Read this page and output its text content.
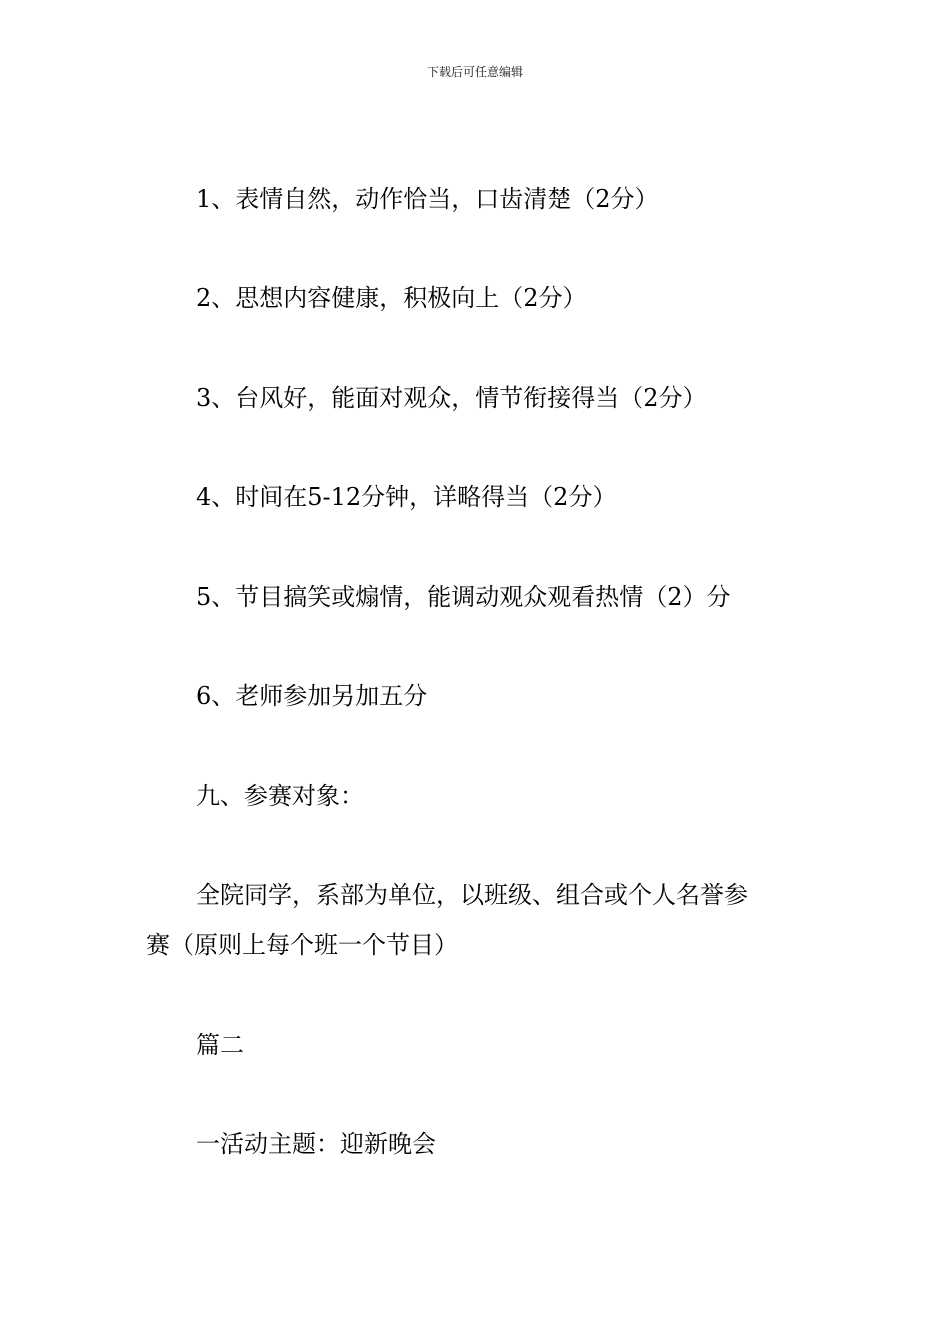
下载后可任意编辑
1、表情自然，动作恰当，口齿清楚（2分）
2、思想内容健康，积极向上（2分）
3、台风好，能面对观众，情节衔接得当（2分）
4、时间在5-12分钟，详略得当（2分）
5、节目搞笑或煽情，能调动观众观看热情（2）分
6、老师参加另加五分
九、参赛对象：
全院同学，系部为单位，以班级、组合或个人名誉参
赛（原则上每个班一个节目）
篇二
一活动主题：迎新晚会
